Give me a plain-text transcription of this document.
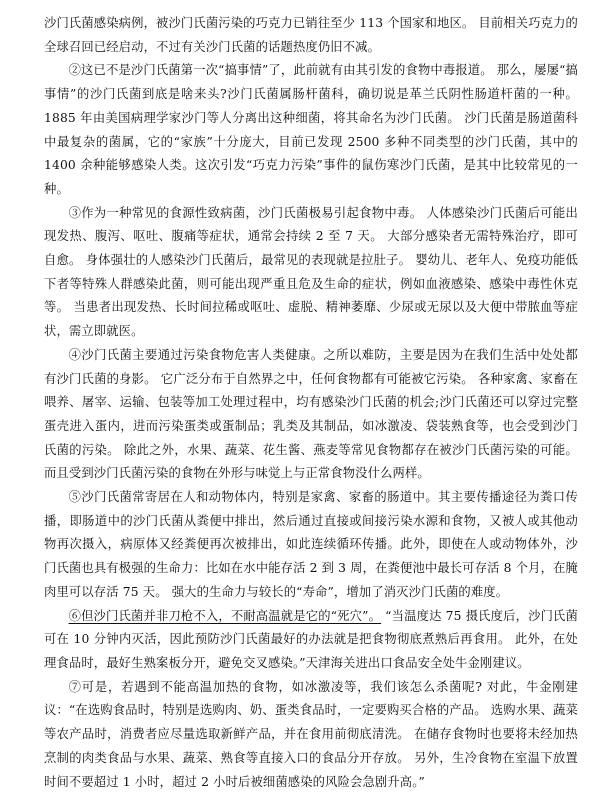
沙门氏菌感染病例，被沙门氏菌污染的巧克力已销往至少 113 个国家和地区。 目前相关巧克力的全球召回已经启动，不过有关沙门氏菌的话题热度仍旧不减。

②这已不是沙门氏菌第一次“搞事情”了，此前就有由其引发的食物中毒报道。 那么，屡屡“搞事情”的沙门氏菌到底是啥来头?沙门氏菌属肠杆菌科，确切说是革兰氏阴性肠道杆菌的一种。1885 年由美国病理学家沙门等人分离出这种细菌，将其命名为沙门氏菌。 沙门氏菌是肠道菌科中最复杂的菌属，它的“家族”十分庞大，目前已发现 2500 多种不同类型的沙门氏菌，其中的 1400 余种能够感染人类。这次引发“巧克力污染”事件的鼠伤寒沙门氏菌，是其中比较常见的一种。

③作为一种常见的食源性致病菌，沙门氏菌极易引起食物中毒。 人体感染沙门氏菌后可能出现发热、腹泻、呕吐、腹痛等症状，通常会持续 2 至 7 天。 大部分感染者无需特殊治疗，即可自愈。 身体强壮的人感染沙门氏菌后，最常见的表现就是拉肚子。 婴幼儿、老年人、免疫功能低下者等特殊人群感染此菌，则可能出现严重且危及生命的症状，例如血液感染、感染中毒性休克等。 当患者出现发热、长时间拉稀或呕吐、虚脱、精神萎靡、少尿或无尿以及大便中带脓血等症状，需立即就医。

④沙门氏菌主要通过污染食物危害人类健康。之所以难防，主要是因为在我们生活中处处都有沙门氏菌的身影。 它广泛分布于自然界之中，任何食物都有可能被它污染。 各种家禽、家畜在喂养、屠宰、运输、包装等加工处理过程中，均有感染沙门氏菌的机会;沙门氏菌还可以穿过完整蛋壳进入蛋内，进而污染蛋类或蛋制品；乳类及其制品，如冰激凌、袋装熟食等，也会受到沙门氏菌的污染。 除此之外，水果、蔬菜、花生酱、燕麦等常见食物都存在被沙门氏菌污染的可能。 而且受到沙门氏菌污染的食物在外形与味觉上与正常食物没什么两样。

⑤沙门氏菌常寄居在人和动物体内，特别是家禽、家畜的肠道中。其主要传播途径为粪口传播，即肠道中的沙门氏菌从粪便中排出，然后通过直接或间接污染水源和食物，又被人或其他动物再次摄入，病原体又经粪便再次被排出，如此连续循环传播。此外，即使在人或动物体外，沙门氏菌也具有极强的生命力：比如在水中能存活 2 到 3 周，在粪便池中最长可存活 8 个月，在腌肉里可以存活 75 天。 强大的生命力与较长的“寿命”，增加了消灭沙门氏菌的难度。

⑥但沙门氏菌并非刀枪不入，不耐高温就是它的“死穴”。 “当温度达 75 摄氏度后，沙门氏菌可在 10 分钟内灭活，因此预防沙门氏菌最好的办法就是把食物彻底煮熟后再食用。 此外，在处理食品时，最好生熟案板分开，避免交叉感染。”天津海关进出口食品安全处牛金刚建议。

⑦可是，若遇到不能高温加热的食物，如冰激凌等，我们该怎么杀菌呢? 对此，牛金刚建议：“在选购食品时，特别是选购肉、奶、蛋类食品时，一定要购买合格的产品。 选购水果、蔬菜等农产品时，消费者应尽量选取新鲜产品，并在食用前彻底清洗。 在储存食物时也要将未经加热烹制的肉类食品与水果、蔬菜、熟食等直接入口的食品分开存放。 另外，生冷食物在室温下放置时间不要超过 1 小时，超过 2 小时后被细菌感染的风险会急剧升高。”
